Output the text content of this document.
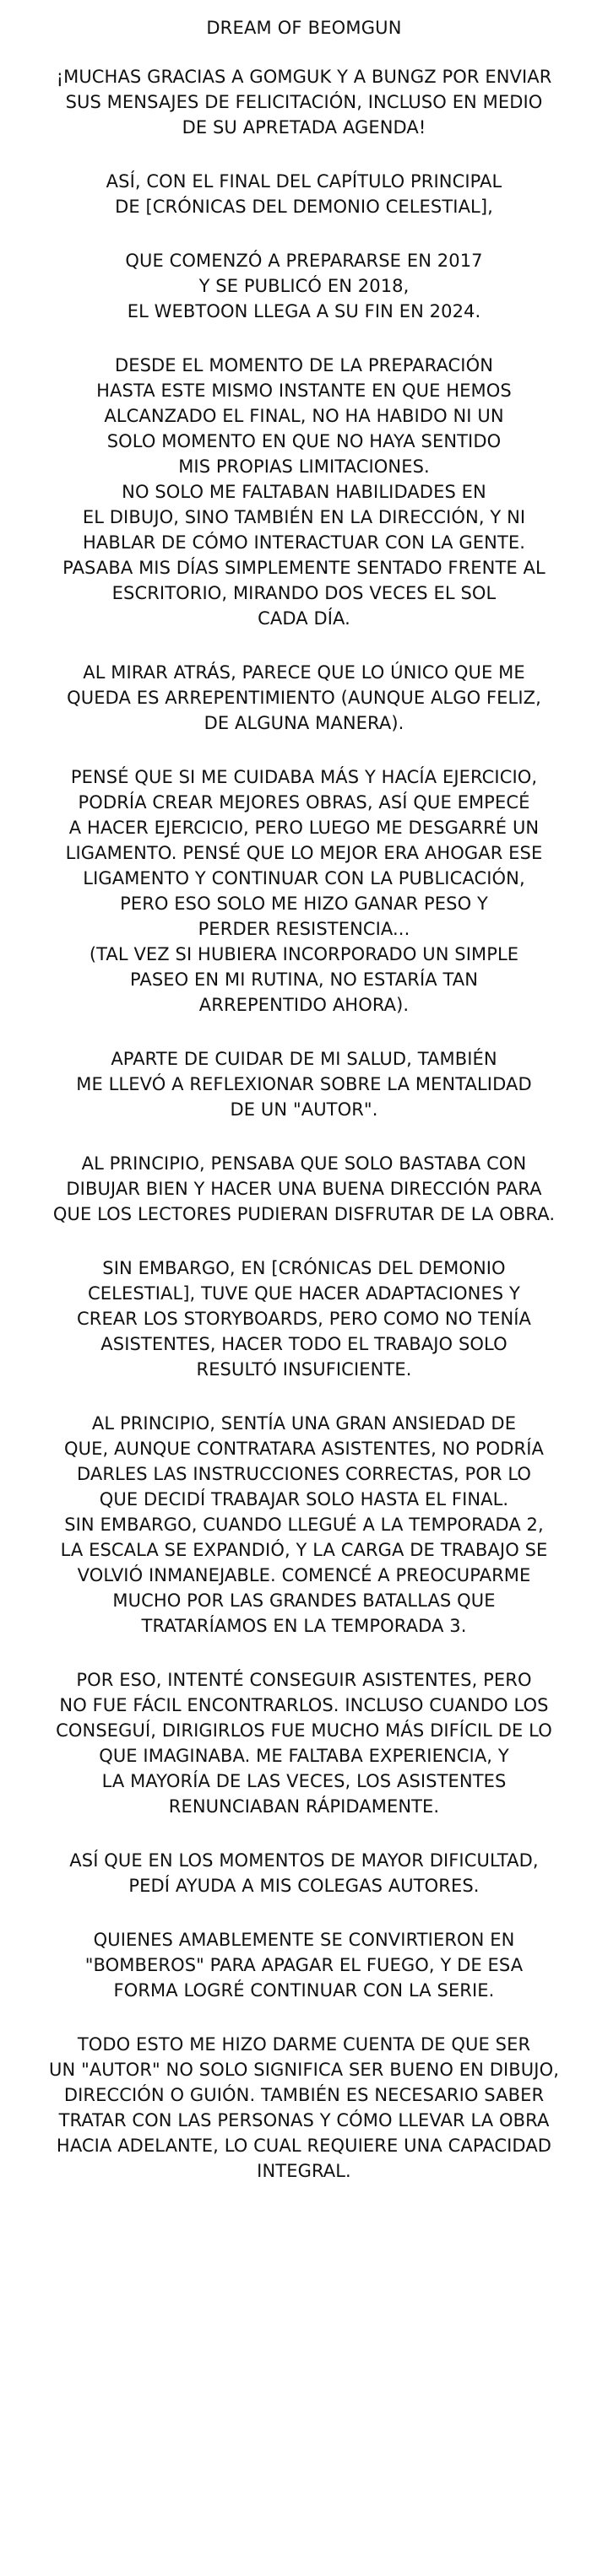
DREAM OF BEOMGUN
¡MUCHAS GRACIAS A GOMGUK Y A BUNGZ POR ENVIAR
SUS MENSAJES DE FELICITACIÓN, INCLUSO EN MEDIO
DE SU APRETADA AGENDA!
ASÍ, CON EL FINAL DEL CAPÍTULO PRINCIPAL
DE [CRÓNICAS DEL DEMONIO CELESTIAL],
QUE COMENZÓ A PREPARARSE EN 2017
Y SE PUBLICÓ EN 2018,
EL WEBTOON LLEGA A SU FIN EN 2024.
DESDE EL MOMENTO DE LA PREPARACIÓN
HASTA ESTE MISMO INSTANTE EN QUE HEMOS
ALCANZADO EL FINAL, NO HA HABIDO NI UN
SOLO MOMENTO EN QUE NO HAYA SENTIDO
MIS PROPIAS LIMITACIONES.
NO SOLO ME FALTABAN HABILIDADES EN
EL DIBUJO, SINO TAMBIÉN EN LA DIRECCIÓN, Y NI
HABLAR DE CÓMO INTERACTUAR CON LA GENTE.
PASABA MIS DÍAS SIMPLEMENTE SENTADO FRENTE AL
ESCRITORIO, MIRANDO DOS VECES EL SOL
CADA DÍA.
AL MIRAR ATRÁS, PARECE QUE LO ÚNICO QUE ME
QUEDA ES ARREPENTIMIENTO (AUNQUE ALGO FELIZ,
DE ALGUNA MANERA).
PENSÉ QUE SI ME CUIDABA MÁS Y HACÍA EJERCICIO,
PODRÍA CREAR MEJORES OBRAS, ASÍ QUE EMPECÉ
A HACER EJERCICIO, PERO LUEGO ME DESGARRÉ UN
LIGAMENTO. PENSÉ QUE LO MEJOR ERA AHOGAR ESE
LIGAMENTO Y CONTINUAR CON LA PUBLICACIÓN,
PERO ESO SOLO ME HIZO GANAR PESO Y
PERDER RESISTENCIA...
(TAL VEZ SI HUBIERA INCORPORADO UN SIMPLE
PASEO EN MI RUTINA, NO ESTARÍA TAN
ARREPENTIDO AHORA).
APARTE DE CUIDAR DE MI SALUD, TAMBIÉN
ME LLEVÓ A REFLEXIONAR SOBRE LA MENTALIDAD
DE UN "AUTOR".
AL PRINCIPIO, PENSABA QUE SOLO BASTABA CON
DIBUJAR BIEN Y HACER UNA BUENA DIRECCIÓN PARA
QUE LOS LECTORES PUDIERAN DISFRUTAR DE LA OBRA.
SIN EMBARGO, EN [CRÓNICAS DEL DEMONIO
CELESTIAL], TUVE QUE HACER ADAPTACIONES Y
CREAR LOS STORYBOARDS, PERO COMO NO TENÍA
ASISTENTES, HACER TODO EL TRABAJO SOLO
RESULTÓ INSUFICIENTE.
AL PRINCIPIO, SENTÍA UNA GRAN ANSIEDAD DE
QUE, AUNQUE CONTRATARA ASISTENTES, NO PODRÍA
DARLES LAS INSTRUCCIONES CORRECTAS, POR LO
QUE DECIDÍ TRABAJAR SOLO HASTA EL FINAL.
SIN EMBARGO, CUANDO LLEGUÉ A LA TEMPORADA 2,
LA ESCALA SE EXPANDIÓ, Y LA CARGA DE TRABAJO SE
VOLVIÓ INMANEJABLE. COMENCÉ A PREOCUPARME
MUCHO POR LAS GRANDES BATALLAS QUE
TRATARÍAMOS EN LA TEMPORADA 3.
POR ESO, INTENTÉ CONSEGUIR ASISTENTES, PERO
NO FUE FÁCIL ENCONTRARLOS. INCLUSO CUANDO LOS
CONSEGUÍ, DIRIGIRLOS FUE MUCHO MÁS DIFÍCIL DE LO
QUE IMAGINABA. ME FALTABA EXPERIENCIA, Y
LA MAYORÍA DE LAS VECES, LOS ASISTENTES
RENUNCIABAN RÁPIDAMENTE.
ASÍ QUE EN LOS MOMENTOS DE MAYOR DIFICULTAD,
PEDÍ AYUDA A MIS COLEGAS AUTORES.
QUIENES AMABLEMENTE SE CONVIRTIERON EN
"BOMBEROS" PARA APAGAR EL FUEGO, Y DE ESA
FORMA LOGRÉ CONTINUAR CON LA SERIE.
TODO ESTO ME HIZO DARME CUENTA DE QUE SER
UN "AUTOR" NO SOLO SIGNIFICA SER BUENO EN DIBUJO,
DIRECCIÓN O GUIÓN. TAMBIÉN ES NECESARIO SABER
TRATAR CON LAS PERSONAS Y CÓMO LLEVAR LA OBRA
HACIA ADELANTE, LO CUAL REQUIERE UNA CAPACIDAD
INTEGRAL.
